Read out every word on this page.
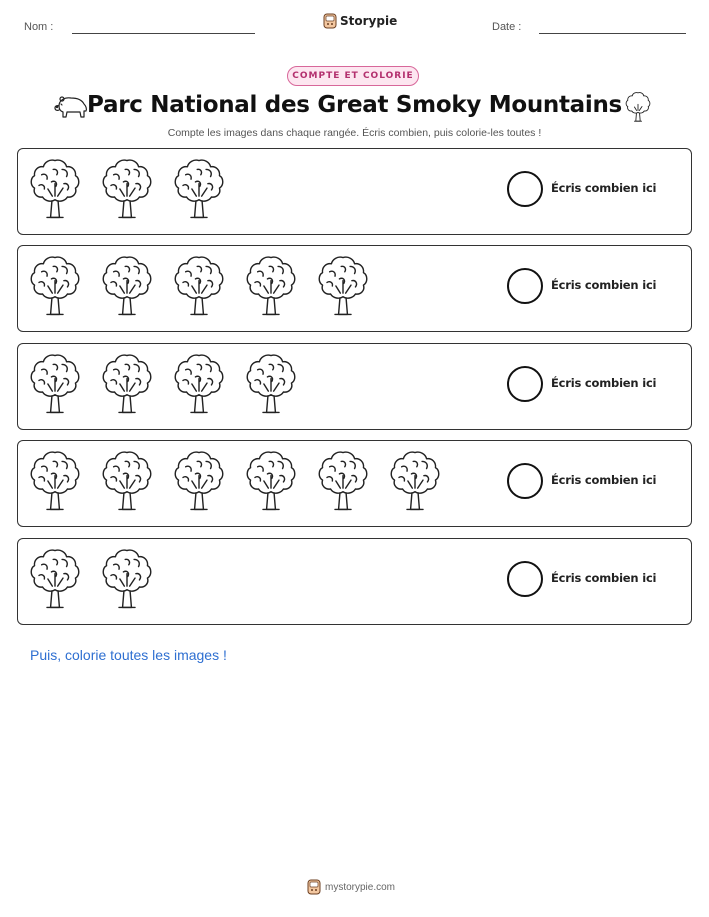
Nom :	Storypie	Date :
COMPTE ET COLORIE
Parc National des Great Smoky Mountains
Compte les images dans chaque rangée. Écris combien, puis colorie-les toutes !
Écris combien ici
Écris combien ici
Écris combien ici
Écris combien ici
Écris combien ici
Puis, colorie toutes les images !
mystorypie.com
